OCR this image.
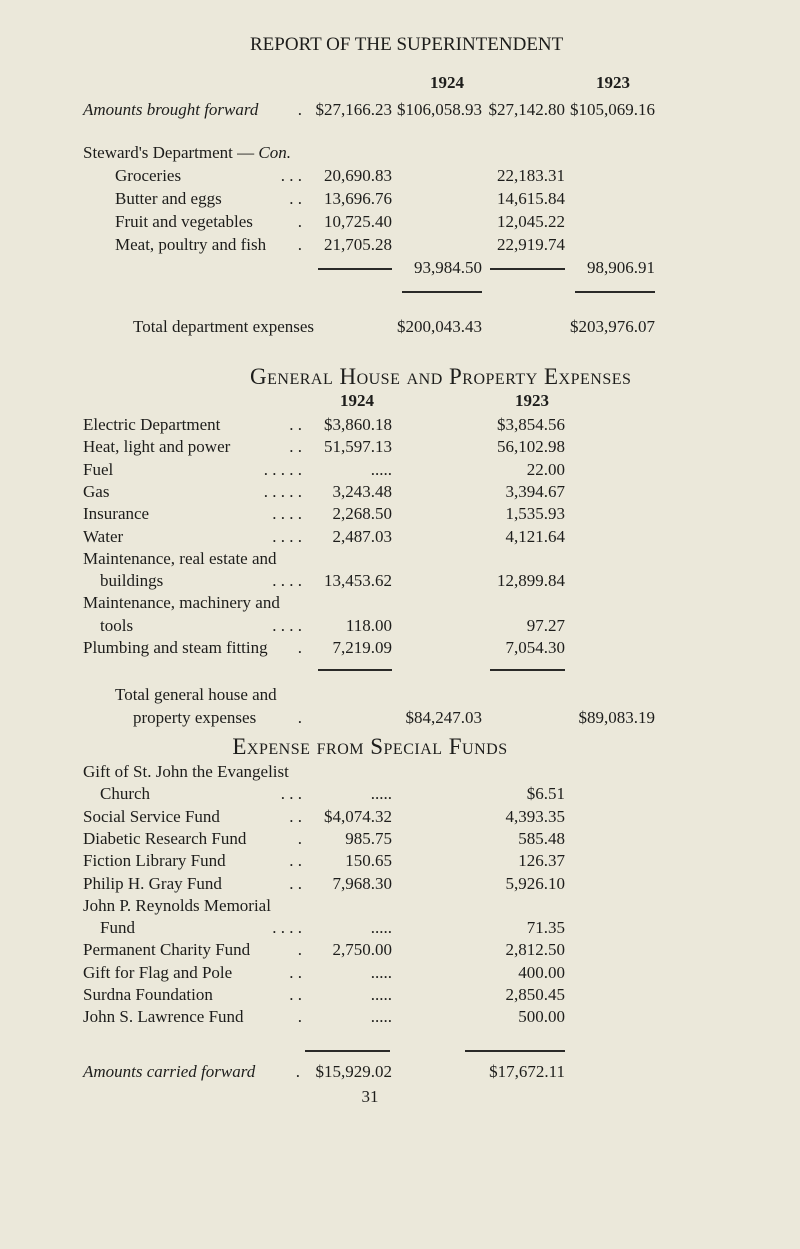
REPORT OF THE SUPERINTENDENT
1924	1923
Amounts brought forward . $27,166.23 $106,058.93 $27,142.80 $105,069.16
Steward's Department — Con.
Groceries	. . . 20,690.83	22,183.31
Butter and eggs	. . 13,696.76	14,615.84
Fruit and vegetables	. 10,725.40	12,045.22
Meat, poultry and fish . 21,705.28	22,919.74
93,984.50	98,906.91
Total department expenses	$200,043.43	$203,976.07
General House and Property Expenses
1924	1923
Electric Department	. . $3,860.18	$3,854.56
Heat, light and power	. . 51,597.13	56,102.98
Fuel	. . . . .	.....	22.00
Gas	. . . . . 3,243.48	3,394.67
Insurance	. . . . 2,268.50	1,535.93
Water	. . . . 2,487.03	4,121.64
Maintenance, real estate and
buildings	. . . . 13,453.62	12,899.84
Maintenance, machinery and
tools	. . . .	118.00	97.27
Plumbing and steam fitting . 7,219.09	7,054.30
Total general house and
property expenses .	$84,247.03	$89,083.19
Expense from Special Funds
Gift of St. John the Evangelist
Church	. . .	.....	$6.51
Social Service Fund	. . $4,074.32	4,393.35
Diabetic Research Fund	.	985.75	585.48
Fiction Library Fund	. .	150.65	126.37
Philip H. Gray Fund	. . 7,968.30	5,926.10
John P. Reynolds Memorial
Fund	. . . .	.....	71.35
Permanent Charity Fund	. 2,750.00	2,812.50
Gift for Flag and Pole	. .	.....	400.00
Surdna Foundation	. .	.....	2,850.45
John S. Lawrence Fund	.	.....	500.00
Amounts carried forward . $15,929.02	$17,672.11
31
